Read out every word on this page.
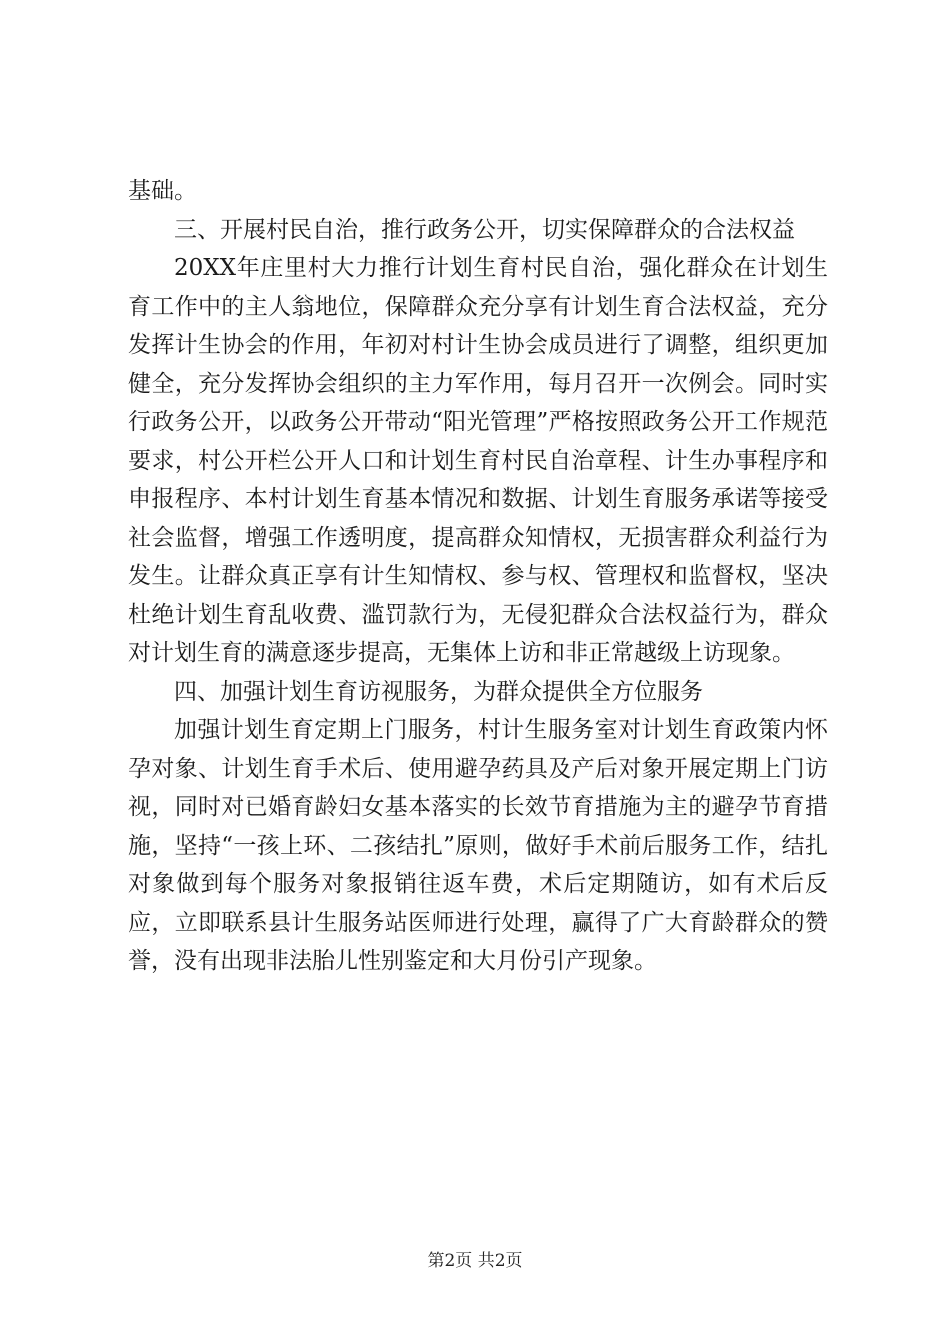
基础。

三、开展村民自治，推行政务公开，切实保障群众的合法权益

20XX年庄里村大力推行计划生育村民自治，强化群众在计划生育工作中的主人翁地位，保障群众充分享有计划生育合法权益，充分发挥计生协会的作用，年初对村计生协会成员进行了调整，组织更加健全，充分发挥协会组织的主力军作用，每月召开一次例会。同时实行政务公开，以政务公开带动“阳光管理”严格按照政务公开工作规范要求，村公开栏公开人口和计划生育村民自治章程、计生办事程序和申报程序、本村计划生育基本情况和数据、计划生育服务承诺等接受社会监督，增强工作透明度，提高群众知情权，无损害群众利益行为发生。让群众真正享有计生知情权、参与权、管理权和监督权，坚决杜绝计划生育乱收费、滥罚款行为，无侵犯群众合法权益行为，群众对计划生育的满意逐步提高，无集体上访和非正常越级上访现象。

四、加强计划生育访视服务，为群众提供全方位服务

加强计划生育定期上门服务，村计生服务室对计划生育政策内怀孕对象、计划生育手术后、使用避孕药具及产后对象开展定期上门访视，同时对已婚育龄妇女基本落实的长效节育措施为主的避孕节育措施，坚持“一孩上环、二孩结扎”原则，做好手术前后服务工作，结扎对象做到每个服务对象报销往返车费，术后定期随访，如有术后反应，立即联系县计生服务站医师进行处理，赢得了广大育龄群众的赞誉，没有出现非法胎儿性别鉴定和大月份引产现象。

第2页 共2页
